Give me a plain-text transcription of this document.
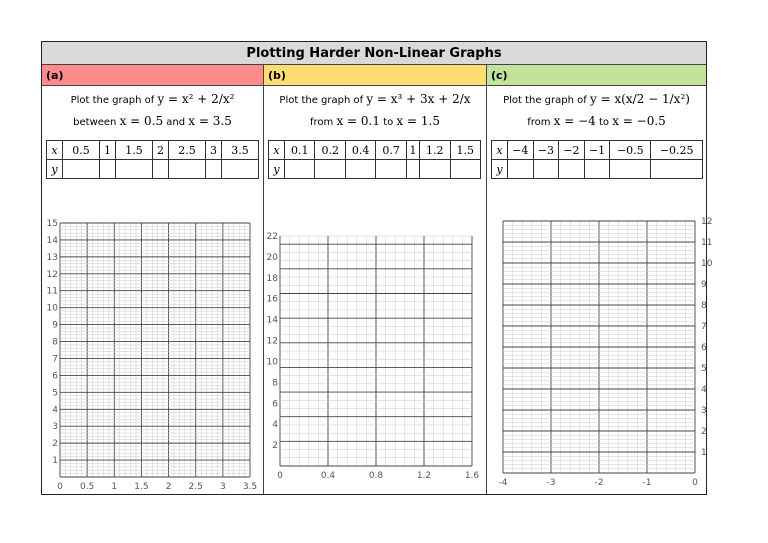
Plotting Harder Non-Linear Graphs
(a)
Plot the graph of y = x² + 2/x²
between x = 0.5 and x = 3.5
x	0.5	1	1.5	2	2.5	3	3.5
y							
0 0.5 1 1.5 2 2.5 3 3.5
1
2
3
4
5
6
7
8
9
10
11
12
13
14
15
(b)
Plot the graph of y = x³ + 3x + 2/x
from x = 0.1 to x = 1.5
x	0.1	0.2	0.4	0.7	1	1.2	1.5
y							
0	0.4	0.8	1.2	1.6
2
4
6
8
10
12
14
16
18
20
22
(c)
Plot the graph of y = x(x/2 − 1/x²)
from x = −4 to x = −0.5
x	−4	−3	−2	−1	−0.5	−0.25
y						
-4	-3	-2	-1	0
1
2
3
4
5
6
7
8
9
10
11
12
